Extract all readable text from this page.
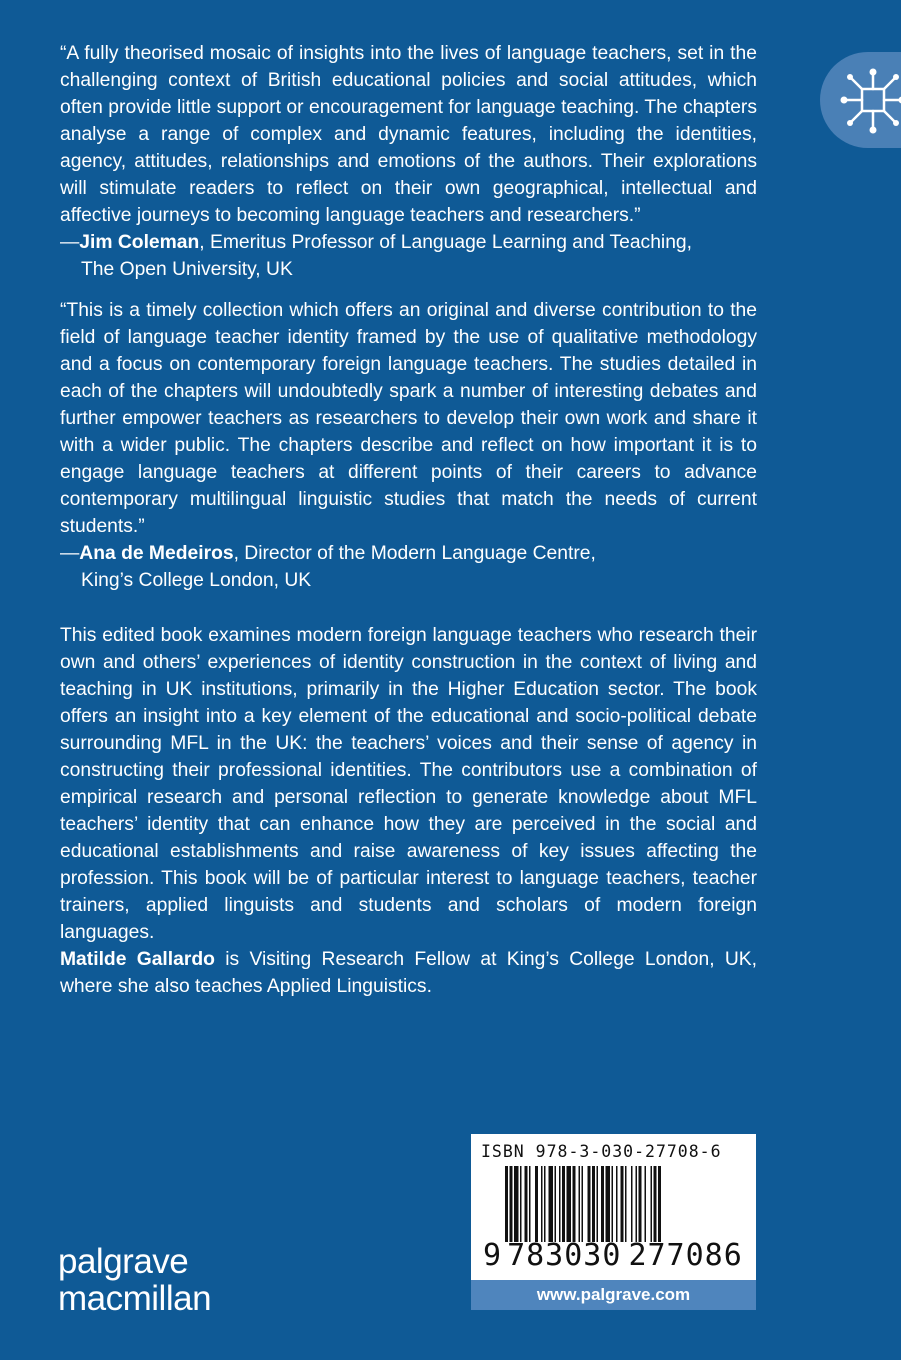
“A fully theorised mosaic of insights into the lives of language teachers, set in the challenging context of British educational policies and social attitudes, which often provide little support or encouragement for language teaching. The chapters analyse a range of complex and dynamic features, including the identities, agency, attitudes, relationships and emotions of the authors. Their explorations will stimulate readers to reflect on their own geographical, intellectual and affective journeys to becoming language teachers and researchers.”

—Jim Coleman, Emeritus Professor of Language Learning and Teaching,
The Open University, UK

“This is a timely collection which offers an original and diverse contribution to the field of language teacher identity framed by the use of qualitative methodology and a focus on contemporary foreign language teachers. The studies detailed in each of the chapters will undoubtedly spark a number of interesting debates and further empower teachers as researchers to develop their own work and share it with a wider public. The chapters describe and reflect on how important it is to engage language teachers at different points of their careers to advance contemporary multilingual linguistic studies that match the needs of current students.”

—Ana de Medeiros, Director of the Modern Language Centre,
King’s College London, UK

This edited book examines modern foreign language teachers who research their own and others’ experiences of identity construction in the context of living and teaching in UK institutions, primarily in the Higher Education sector. The book offers an insight into a key element of the educational and socio-political debate surrounding MFL in the UK: the teachers’ voices and their sense of agency in constructing their professional identities. The contributors use a combination of empirical research and personal reflection to generate knowledge about MFL teachers’ identity that can enhance how they are perceived in the social and educational establishments and raise awareness of key issues affecting the profession. This book will be of particular interest to language teachers, teacher trainers, applied linguists and students and scholars of modern foreign languages.

Matilde Gallardo is Visiting Research Fellow at King’s College London, UK, where she also teaches Applied Linguistics.

palgrave
macmillan
ISBN 978-3-030-27708-6
9 783030 277086
www.palgrave.com
